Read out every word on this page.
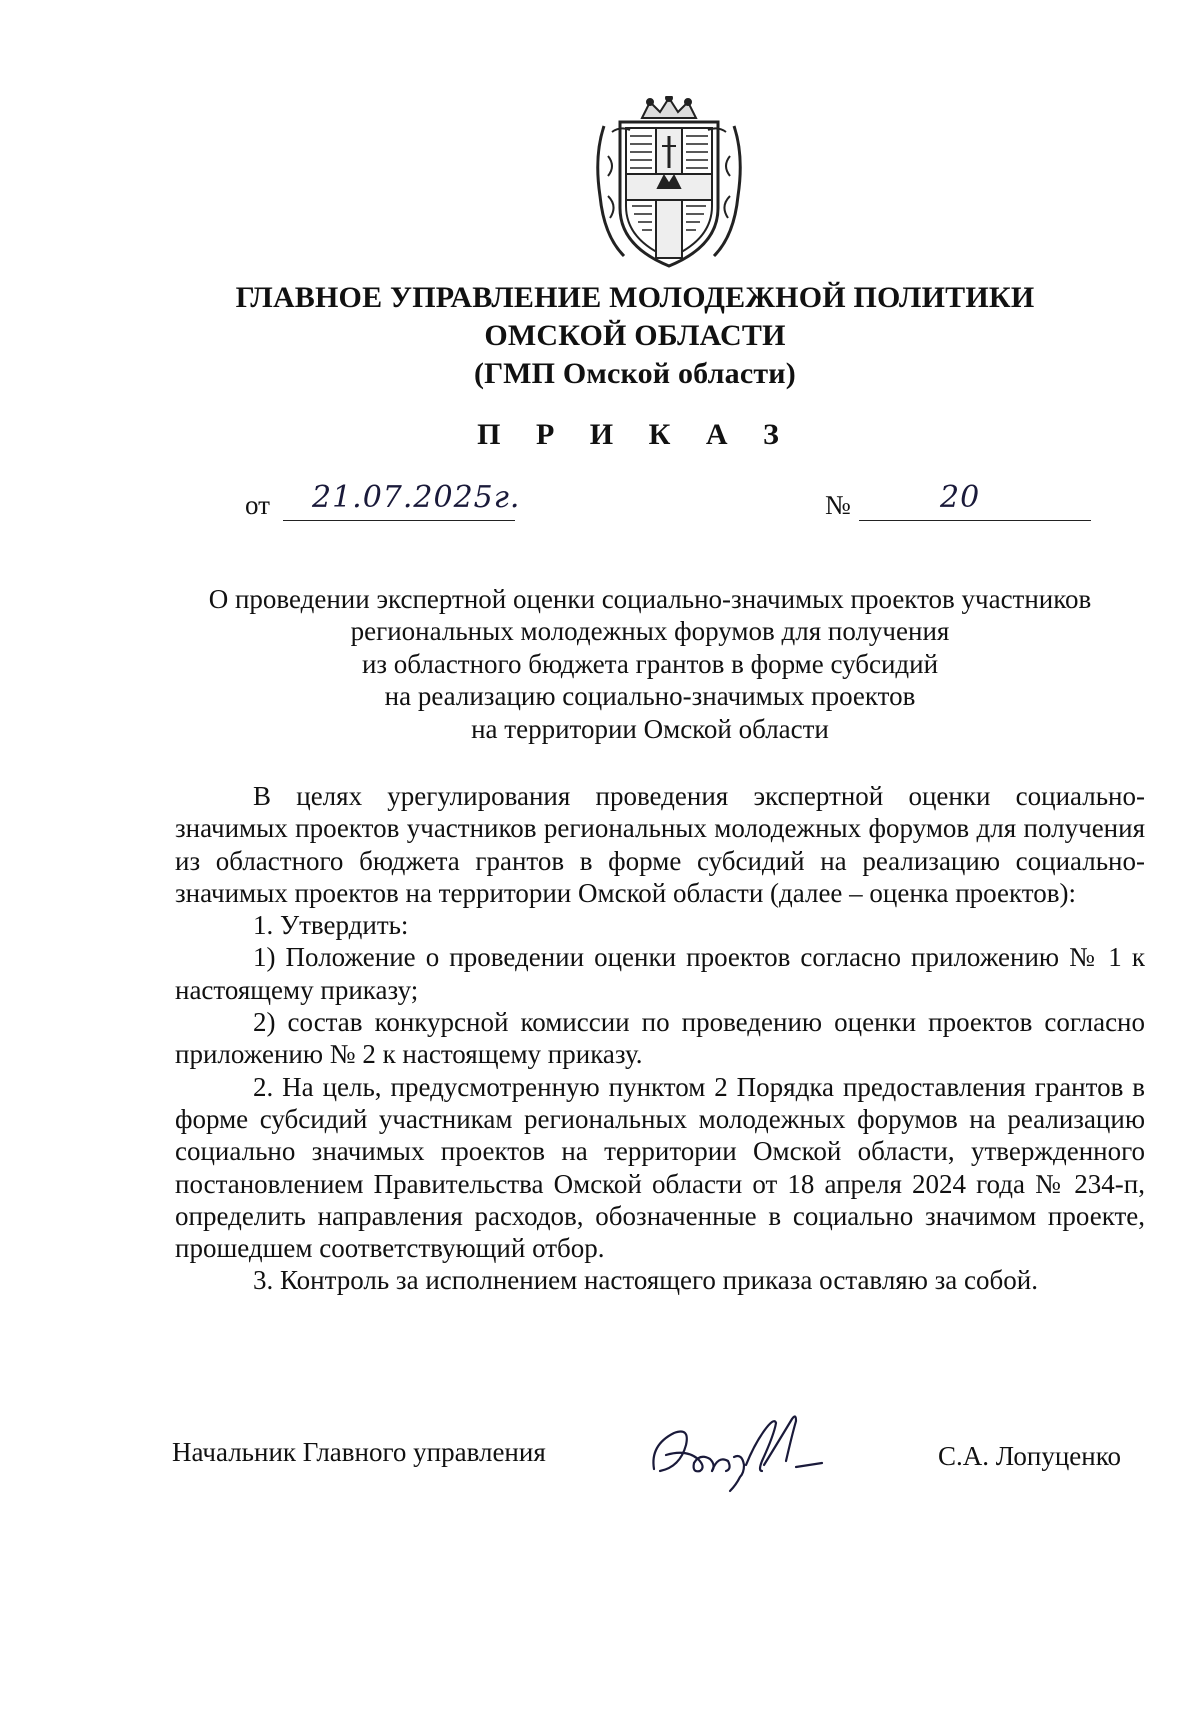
ГЛАВНОЕ УПРАВЛЕНИЕ МОЛОДЕЖНОЙ ПОЛИТИКИ
ОМСКОЙ ОБЛАСТИ
(ГМП Омской области)
П Р И К А З
от 21.07.2025г.	№	20
О проведении экспертной оценки социально-значимых проектов участников
региональных молодежных форумов для получения
из областного бюджета грантов в форме субсидий
на реализацию социально-значимых проектов
на территории Омской области

В целях урегулирования проведения экспертной оценки социально-значимых проектов участников региональных молодежных форумов для получения из областного бюджета грантов в форме субсидий на реализацию социально-значимых проектов на территории Омской области (далее – оценка проектов):

1. Утвердить:

1) Положение о проведении оценки проектов согласно приложению № 1 к настоящему приказу;

2) состав конкурсной комиссии по проведению оценки проектов согласно приложению № 2 к настоящему приказу.

2. На цель, предусмотренную пунктом 2 Порядка предоставления грантов в форме субсидий участникам региональных молодежных форумов на реализацию социально значимых проектов на территории Омской области, утвержденного постановлением Правительства Омской области от 18 апреля 2024 года № 234-п, определить направления расходов, обозначенные в социально значимом проекте, прошедшем соответствующий отбор.

3. Контроль за исполнением настоящего приказа оставляю за собой.

Начальник Главного управления	С.А. Лопуценко
